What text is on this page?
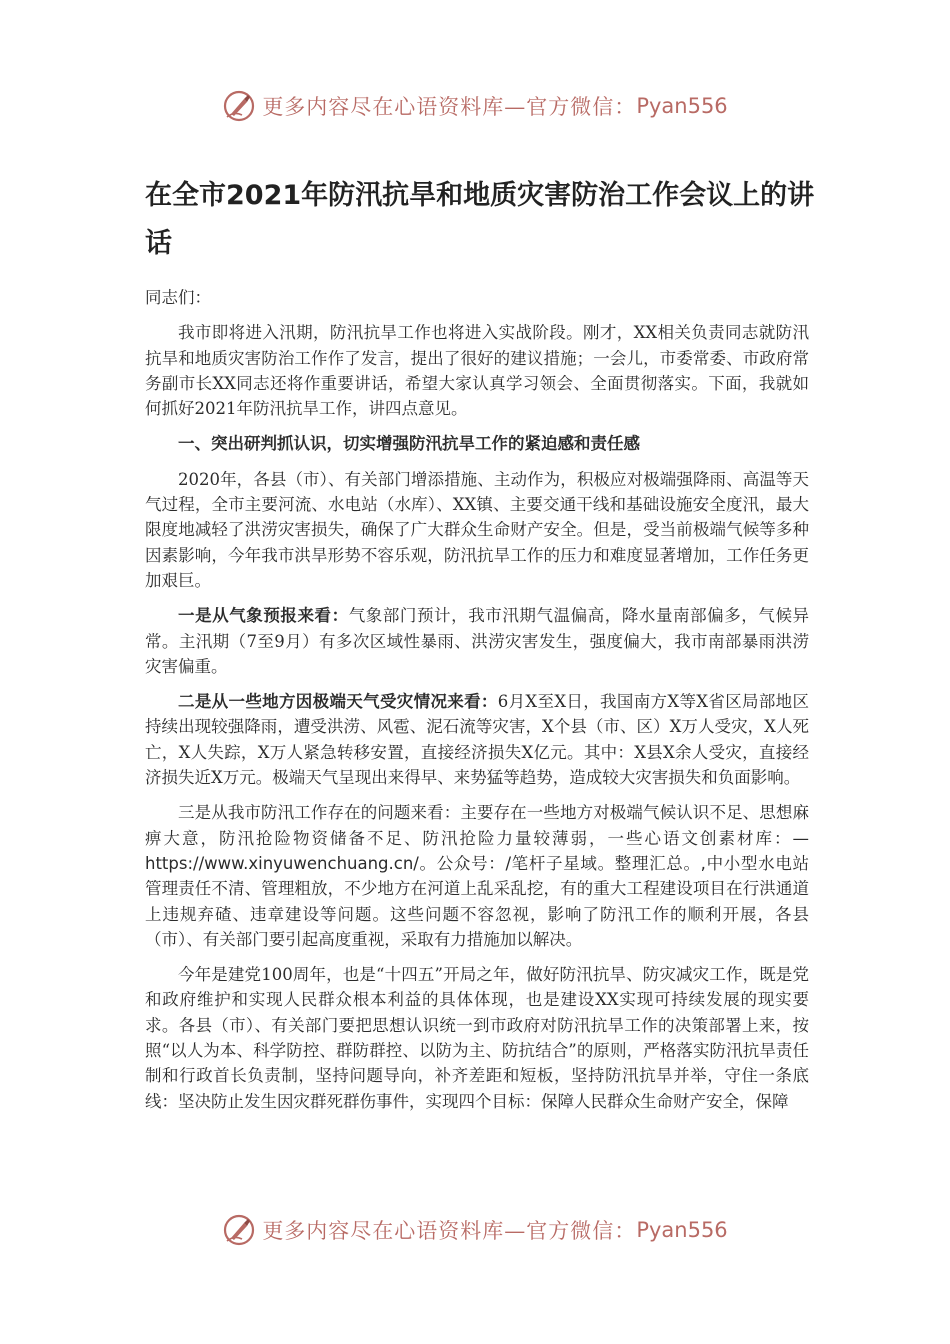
更多内容尽在心语资料库—官方微信： Pyan556
在全市2021年防汛抗旱和地质灾害防治工作会议上的讲话

同志们：

我市即将进入汛期，防汛抗旱工作也将进入实战阶段。刚才，XX相关负责同志就防汛抗旱和地质灾害防治工作作了发言，提出了很好的建议措施；一会儿，市委常委、市政府常务副市长XX同志还将作重要讲话，希望大家认真学习领会、全面贯彻落实。下面，我就如何抓好2021年防汛抗旱工作，讲四点意见。

一、突出研判抓认识，切实增强防汛抗旱工作的紧迫感和责任感

2020年，各县（市）、有关部门增添措施、主动作为，积极应对极端强降雨、高温等天气过程，全市主要河流、水电站（水库）、XX镇、主要交通干线和基础设施安全度汛，最大限度地减轻了洪涝灾害损失，确保了广大群众生命财产安全。但是，受当前极端气候等多种因素影响，今年我市洪旱形势不容乐观，防汛抗旱工作的压力和难度显著增加，工作任务更加艰巨。

一是从气象预报来看：气象部门预计，我市汛期气温偏高，降水量南部偏多，气候异常。主汛期（7至9月）有多次区域性暴雨、洪涝灾害发生，强度偏大，我市南部暴雨洪涝灾害偏重。

二是从一些地方因极端天气受灾情况来看：6月X至X日，我国南方X等X省区局部地区持续出现较强降雨，遭受洪涝、风雹、泥石流等灾害，X个县（市、区）X万人受灾，X人死亡，X人失踪，X万人紧急转移安置，直接经济损失X亿元。其中：X县X余人受灾，直接经济损失近X万元。极端天气呈现出来得早、来势猛等趋势，造成较大灾害损失和负面影响。

三是从我市防汛工作存在的问题来看：主要存在一些地方对极端气候认识不足、思想麻痹大意，防汛抢险物资储备不足、防汛抢险力量较薄弱，一些心语文创素材库：—https://www.xinyuwenchuang.cn/。公众号：/笔杆子星域。整理汇总。,中小型水电站管理责任不清、管理粗放，不少地方在河道上乱采乱挖，有的重大工程建设项目在行洪通道上违规弃碴、违章建设等问题。这些问题不容忽视，影响了防汛工作的顺利开展，各县（市）、有关部门要引起高度重视，采取有力措施加以解决。

今年是建党100周年，也是“十四五”开局之年，做好防汛抗旱、防灾减灾工作，既是党和政府维护和实现人民群众根本利益的具体体现，也是建设XX实现可持续发展的现实要求。各县（市）、有关部门要把思想认识统一到市政府对防汛抗旱工作的决策部署上来，按照“以人为本、科学防控、群防群控、以防为主、防抗结合”的原则，严格落实防汛抗旱责任制和行政首长负责制，坚持问题导向，补齐差距和短板，坚持防汛抗旱并举，守住一条底线：坚决防止发生因灾群死群伤事件，实现四个目标：保障人民群众生命财产安全，保障

更多内容尽在心语资料库—官方微信： Pyan556
